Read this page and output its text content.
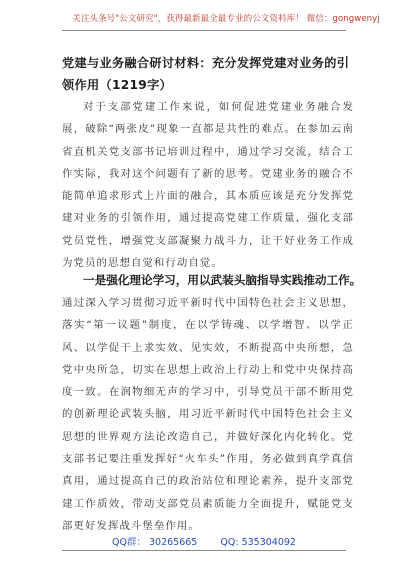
关注头条号"公文研究"，获得最新最全最专业的公文资料库！ 微信：gongwenyj
党建与业务融合研讨材料：充分发挥党建对业务的引领作用（1219字）

对于支部党建工作来说，如何促进党建业务融合发展，破除“两张皮”现象一直都是共性的难点。在参加云南省直机关党支部书记培训过程中，通过学习交流，结合工作实际，我对这个问题有了新的思考。党建业务的融合不能简单追求形式上片面的融合，其本质应该是充分发挥党建对业务的引领作用，通过提高党建工作质量，强化支部党员党性，增强党支部凝聚力战斗力，让干好业务工作成为党员的思想自觉和行动自觉。

一是强化理论学习，用以武装头脑指导实践推动工作。

通过深入学习贯彻习近平新时代中国特色社会主义思想，落实“第一议题”制度，在以学铸魂、以学增智、以学正风、以学促干上求实效、见实效，不断提高中央所想，急党中央所急，切实在思想上政治上行动上和党中央保持高度一致。在润物细无声的学习中，引导党员干部不断用党的创新理论武装头脑，用习近平新时代中国特色社会主义思想的世界观方法论改造自己，并做好深化内化转化。党支部书记要注重发挥好“火车头”作用，务必做到真学真信真用，通过提高自己的政治站位和理论素养，提升支部党建工作质效，带动支部党员素质能力全面提升，赋能党支部更好发挥战斗堡垒作用。

QQ群： 30265665 QQ: 535304092
